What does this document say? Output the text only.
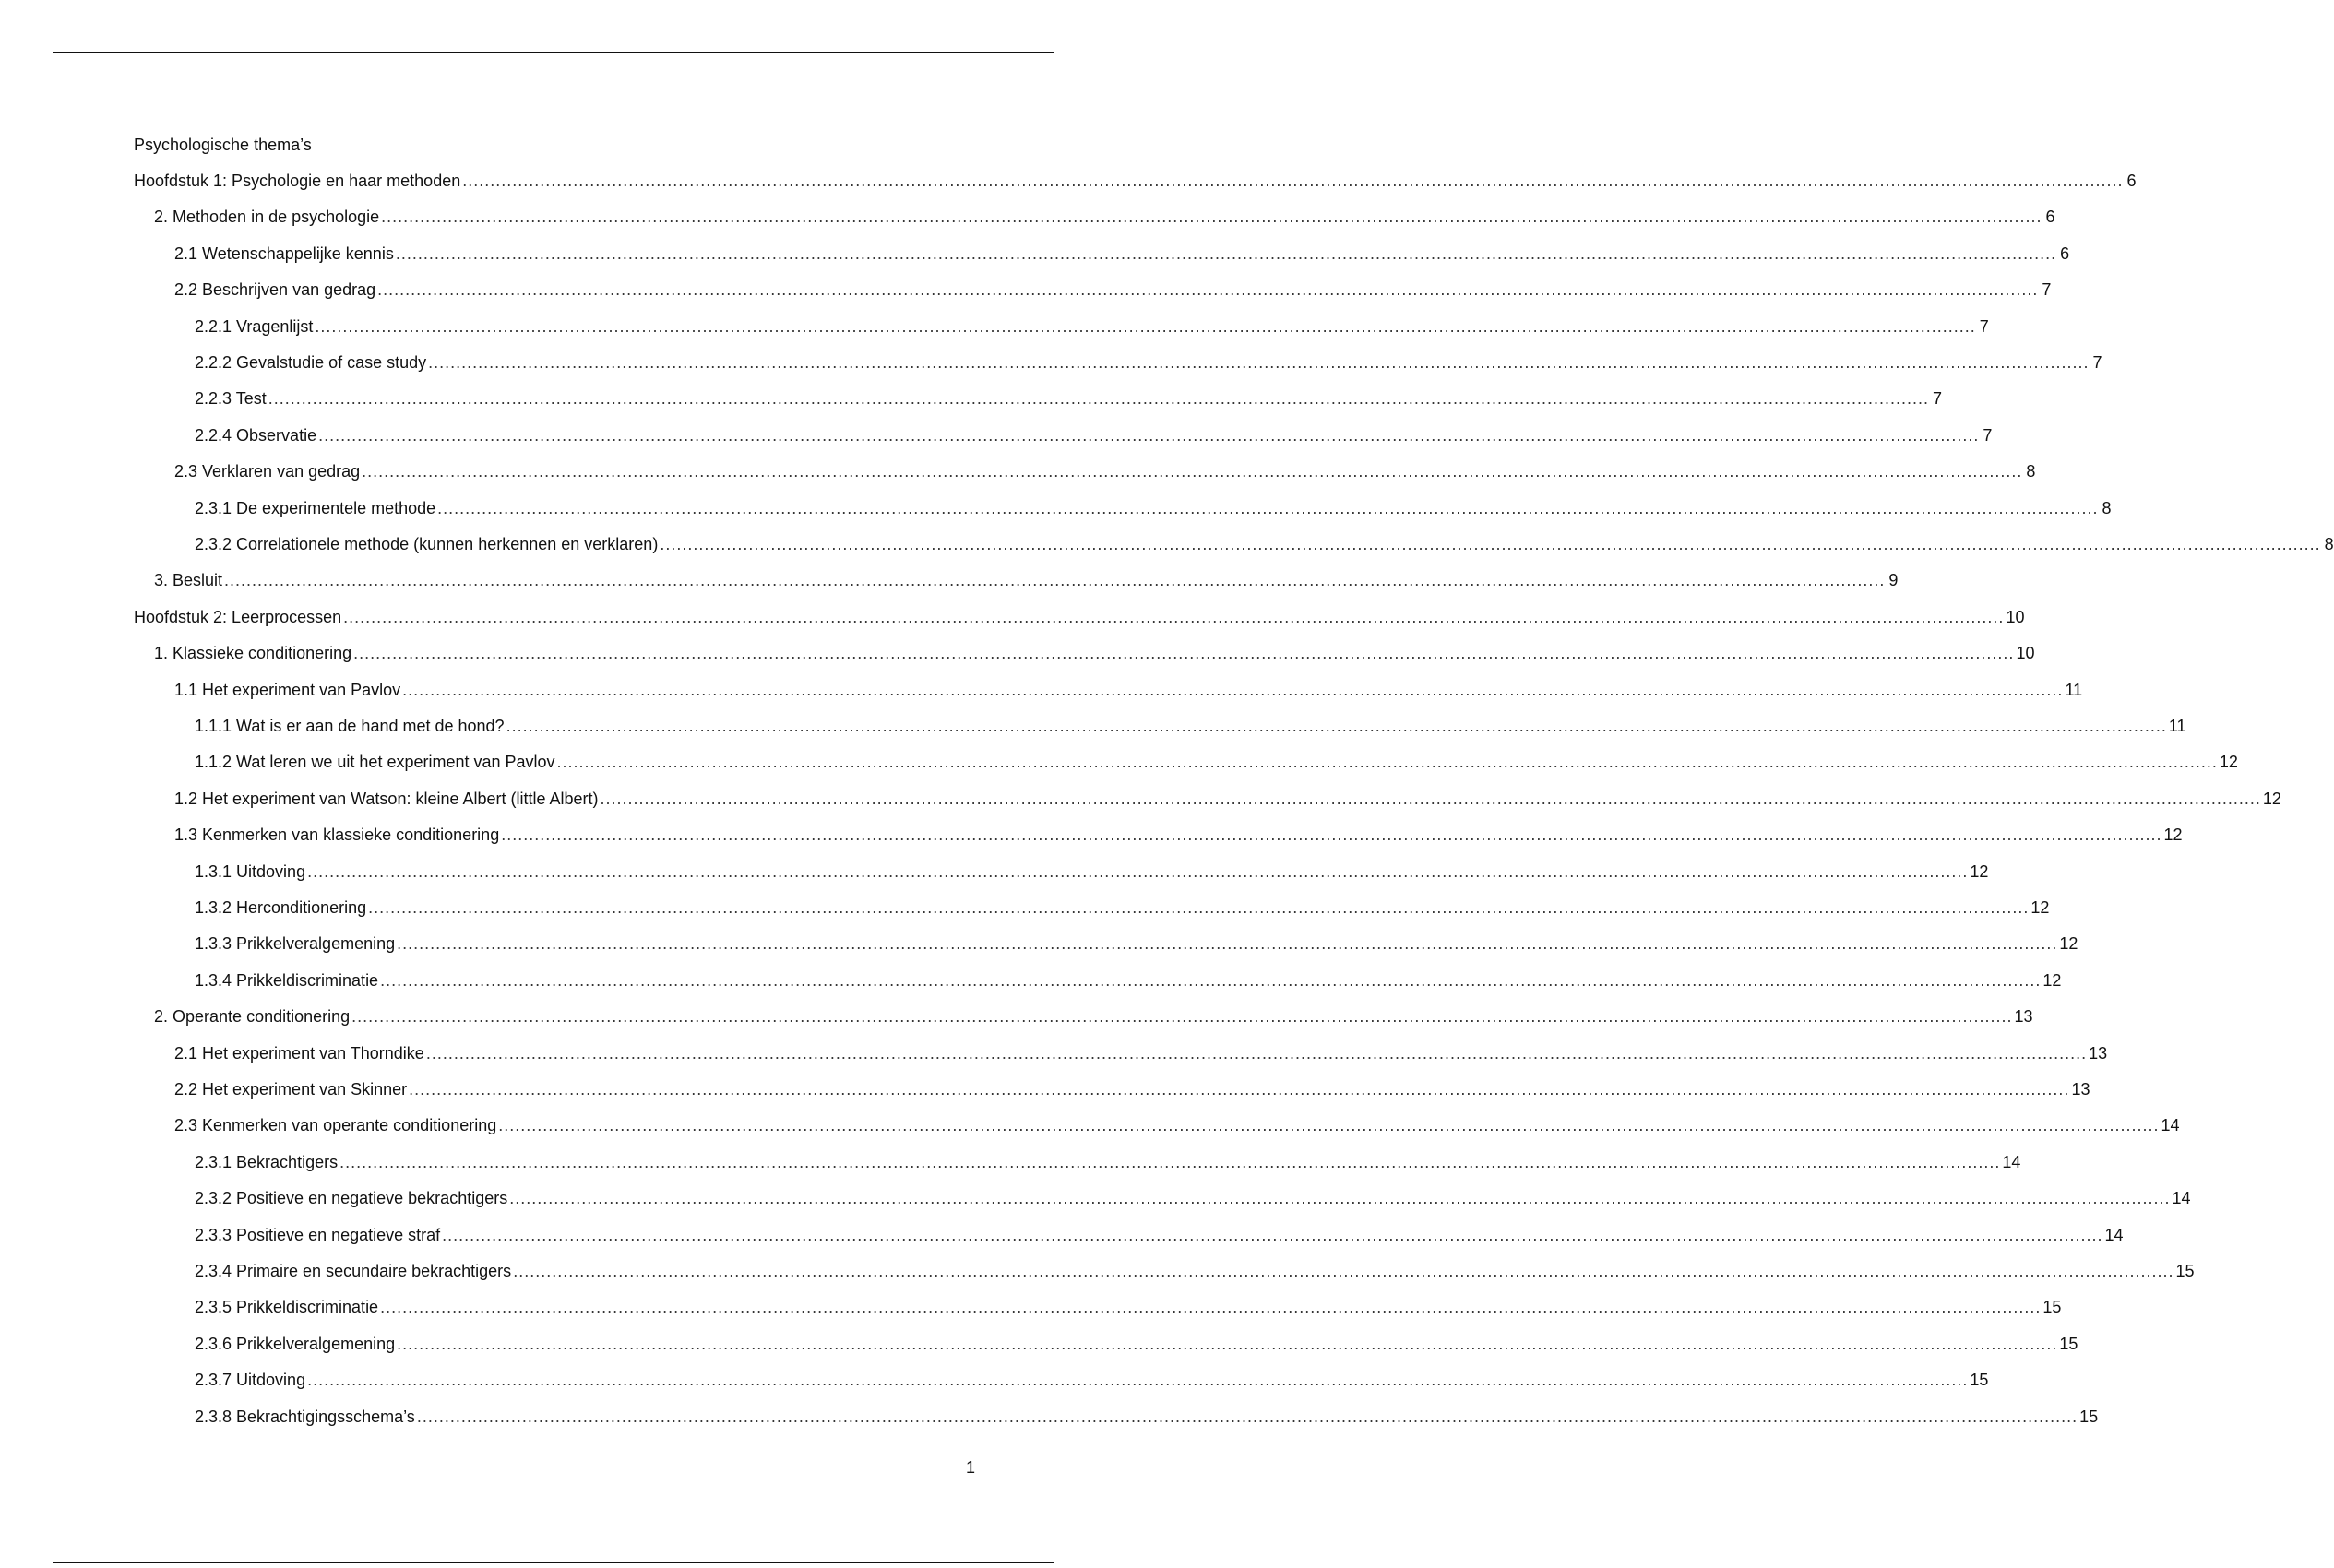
Psychologische thema’s
Hoofdstuk 1: Psychologie en haar methoden ............................................................................................................................................................................................................................................................................................................ 6
2. Methoden in de psychologie ............................................................................................................................................................................................................................................................................................................ 6
2.1 Wetenschappelijke kennis ............................................................................................................................................................................................................................................................................................................ 6
2.2 Beschrijven van gedrag ............................................................................................................................................................................................................................................................................................................ 7
2.2.1 Vragenlijst ............................................................................................................................................................................................................................................................................................................ 7
2.2.2 Gevalstudie of case study ............................................................................................................................................................................................................................................................................................................ 7
2.2.3 Test ............................................................................................................................................................................................................................................................................................................ 7
2.2.4 Observatie ............................................................................................................................................................................................................................................................................................................ 7
2.3 Verklaren van gedrag ............................................................................................................................................................................................................................................................................................................ 8
2.3.1 De experimentele methode ............................................................................................................................................................................................................................................................................................................ 8
2.3.2 Correlationele methode (kunnen herkennen en verklaren) ............................................................................................................................................................................................................................................................................................................ 8
3. Besluit ............................................................................................................................................................................................................................................................................................................ 9
Hoofdstuk 2: Leerprocessen ............................................................................................................................................................................................................................................................................................................ 10
1. Klassieke conditionering ............................................................................................................................................................................................................................................................................................................ 10
1.1 Het experiment van Pavlov ............................................................................................................................................................................................................................................................................................................ 11
1.1.1 Wat is er aan de hand met de hond? ............................................................................................................................................................................................................................................................................................................ 11
1.1.2 Wat leren we uit het experiment van Pavlov ............................................................................................................................................................................................................................................................................................................ 12
1.2 Het experiment van Watson: kleine Albert (little Albert) ............................................................................................................................................................................................................................................................................................................ 12
1.3 Kenmerken van klassieke conditionering ............................................................................................................................................................................................................................................................................................................ 12
1.3.1 Uitdoving ............................................................................................................................................................................................................................................................................................................ 12
1.3.2 Herconditionering ............................................................................................................................................................................................................................................................................................................ 12
1.3.3 Prikkelveralgemening ............................................................................................................................................................................................................................................................................................................ 12
1.3.4 Prikkeldiscriminatie ............................................................................................................................................................................................................................................................................................................ 12
2. Operante conditionering ............................................................................................................................................................................................................................................................................................................ 13
2.1 Het experiment van Thorndike ............................................................................................................................................................................................................................................................................................................ 13
2.2 Het experiment van Skinner ............................................................................................................................................................................................................................................................................................................ 13
2.3 Kenmerken van operante conditionering ............................................................................................................................................................................................................................................................................................................ 14
2.3.1 Bekrachtigers ............................................................................................................................................................................................................................................................................................................ 14
2.3.2 Positieve en negatieve bekrachtigers ............................................................................................................................................................................................................................................................................................................ 14
2.3.3 Positieve en negatieve straf ............................................................................................................................................................................................................................................................................................................ 14
2.3.4 Primaire en secundaire bekrachtigers ............................................................................................................................................................................................................................................................................................................ 15
2.3.5 Prikkeldiscriminatie ............................................................................................................................................................................................................................................................................................................ 15
2.3.6 Prikkelveralgemening ............................................................................................................................................................................................................................................................................................................ 15
2.3.7 Uitdoving ............................................................................................................................................................................................................................................................................................................ 15
2.3.8 Bekrachtigingsschema’s ............................................................................................................................................................................................................................................................................................................ 15
1
